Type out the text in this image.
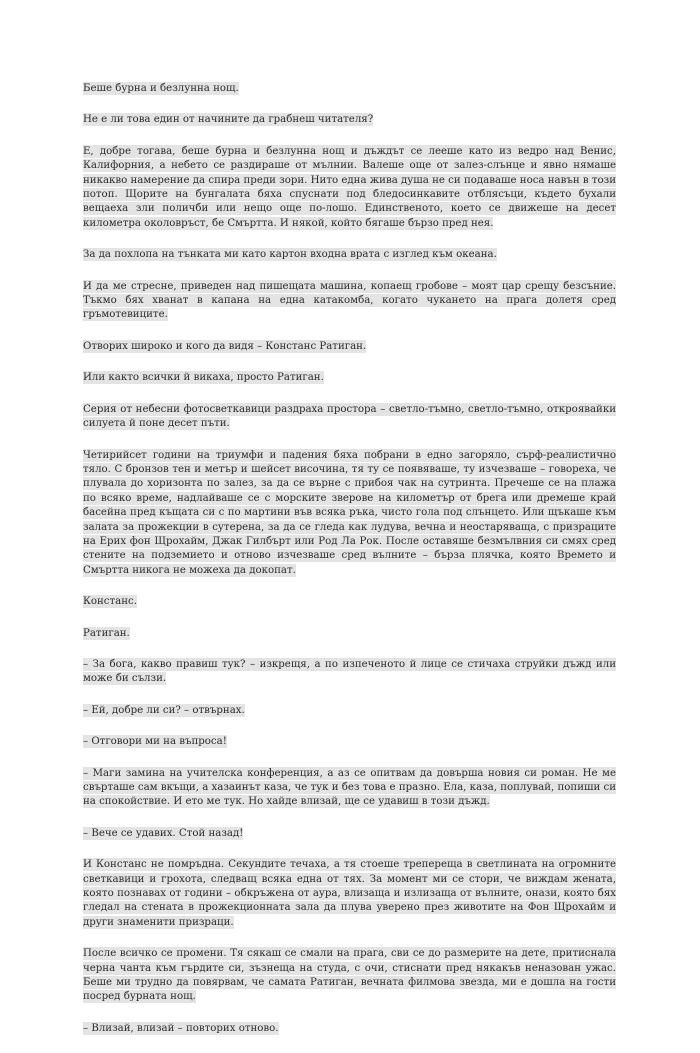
Беше бурна и безлунна нощ.

Не е ли това един от начините да грабнеш читателя?

Е, добре тогава, беше бурна и безлунна нощ и дъждът се лееше като из ведро над Венис, Калифорния, а небето се раздираше от мълнии. Валеше още от залез-слънце и явно нямаше никакво намерение да спира преди зори. Нито една жива душа не си подаваше носа навън в този потоп. Щорите на бунгалата бяха спуснати под бледосинкавите отблясъци, където бухали вещаеха зли поличби или нещо още по-лошо. Единственото, което се движеше на десет километра околовръст, бе Смъртта. И някой, който бягаше бързо пред нея.

За да похлопа на тънката ми като картон входна врата с изглед към океана.

И да ме стресне, приведен над пишещата машина, копаещ гробове – моят цар срещу безсъние. Тъкмо бях хванат в капана на една катакомба, когато чукането на прага долетя сред гръмотевиците.

Отворих широко и кого да видя – Констанс Ратиган.

Или както всички й викаха, просто Ратиган.

Серия от небесни фотосветкавици раздраха простора – светло-тъмно, светло-тъмно, откроявайки силуета й поне десет пъти.

Четирийсет години на триумфи и падения бяха побрани в едно загоряло, сърф-реалистично тяло. С бронзов тен и метър и шейсет височина, тя ту се появяваше, ту изчезваше – говореха, че плувала до хоризонта по залез, за да се върне с прибоя чак на сутринта. Пречеше се на плажа по всяко време, надлайваше се с морските зверове на километър от брега или дремеше край басейна пред къщата си с по мартини във всяка ръка, чисто гола под слънцето. Или щъкаше към залата за прожекции в сутерена, за да се гледа как лудува, вечна и неостаряваща, с призраците на Ерих фон Щрохайм, Джак Гилбърт или Род Ла Рок. После оставяше безмълвния си смях сред стените на подземието и отново изчезваше сред вълните – бърза плячка, която Времето и Смъртта никога не можеха да докопат.

Констанс.

Ратиган.

– За бога, какво правиш тук? – изкрещя, а по изпеченото й лице се стичаха струйки дъжд или може би сълзи.

– Ей, добре ли си? – отвърнах.

– Отговори ми на въпроса!

– Маги замина на учителска конференция, а аз се опитвам да довърша новия си роман. Не ме свърташе сам вкъщи, а хазаинът каза, че тук и без това е празно. Ела, каза, поплувай, попиши си на спокойствие. И ето ме тук. Но хайде влизай, ще се удавиш в този дъжд.

– Вече се удавих. Стой назад!

И Констанс не помръдна. Секундите течаха, а тя стоеше трепереща в светлината на огромните светкавици и грохота, следващ всяка една от тях. За момент ми се стори, че виждам жената, която познавах от години – обкръжена от аура, влизаща и излизаща от вълните, онази, която бях гледал на стената в прожекционната зала да плува уверено през животите на Фон Щрохайм и други знаменити призраци.

После всичко се промени. Тя сякаш се смали на прага, сви се до размерите на дете, притиснала черна чанта към гърдите си, зъзнеща на студа, с очи, стиснати пред някакъв неназован ужас. Беше ми трудно да повярвам, че самата Ратиган, вечната филмова звезда, ми е дошла на гости посред бурната нощ.

– Влизай, влизай – повторих отново.
